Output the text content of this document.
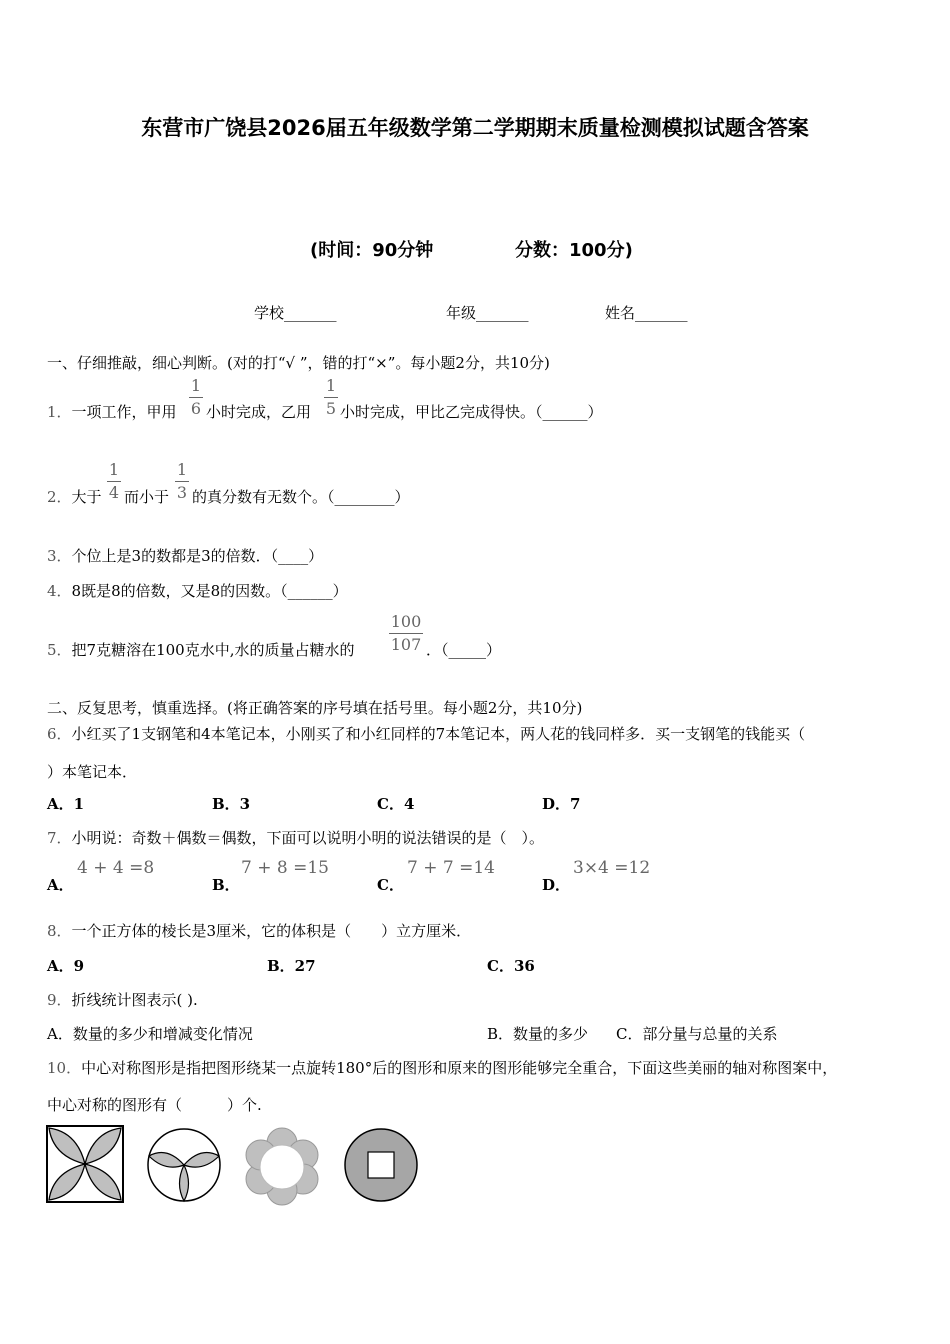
东营市广饶县2026届五年级数学第二学期期末质量检测模拟试题含答案
(时间：90分钟	分数：100分)
学校_______	年级_______	姓名_______
一、仔细推敲，细心判断。(对的打“√ ”，错的打“×”。每小题2分，共10分)
1．一项工作，甲用
1
6 小时完成，乙用
1
5 小时完成，甲比乙完成得快。（______）
2．大于
1
4 而小于
1
3 的真分数有无数个。（________）
3．个位上是3的数都是3的倍数．（____）
4．8既是8的倍数，又是8的因数。（______）
5．把7克糖溶在100克水中,水的质量占糖水的
100
107 ．（_____）
二、反复思考，慎重选择。(将正确答案的序号填在括号里。每小题2分，共10分)
6．小红买了1支钢笔和4本笔记本，小刚买了和小红同样的7本笔记本，两人花的钱同样多．买一支钢笔的钱能买（
）本笔记本．
A．1	B．3	C．4	D．7
7．小明说：奇数＋偶数＝偶数，下面可以说明小明的说法错误的是（　）。
A．
4 + 4 =8
B．
7 + 8 =15
C．
7 + 7 =14
D．
3×4 =12
8．一个正方体的棱长是3厘米，它的体积是（　　）立方厘米．
A．9	B．27	C．36
9．折线统计图表示( ).
A．数量的多少和增减变化情况	B．数量的多少 C．部分量与总量的关系
10．中心对称图形是指把图形绕某一点旋转180°后的图形和原来的图形能够完全重合，下面这些美丽的轴对称图案中，
中心对称的图形有（　　　）个.
